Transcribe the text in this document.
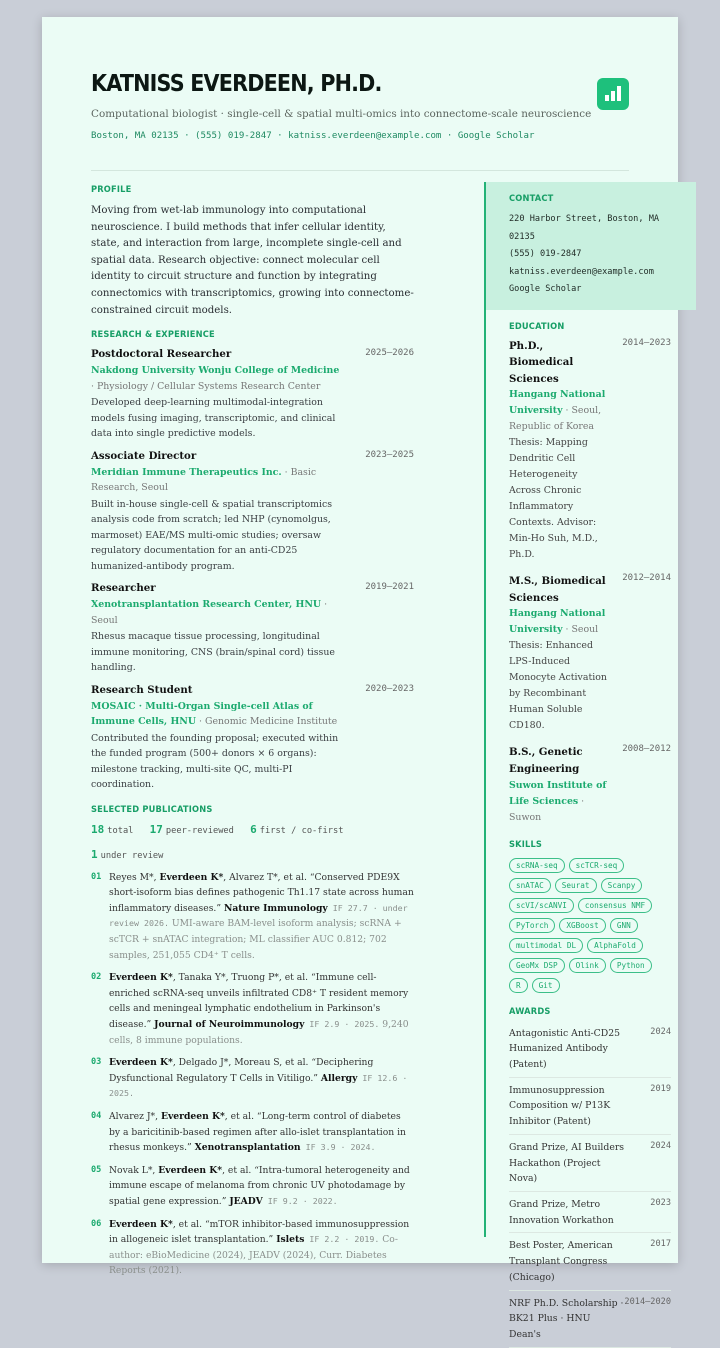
KATNISS EVERDEEN, PH.D.
Computational biologist · single-cell & spatial multi-omics into connectome-scale neuroscience
Boston, MA 02135 · (555) 019-2847 · katniss.everdeen@example.com · Google Scholar
PROFILE
Moving from wet-lab immunology into computational neuroscience. I build methods that infer cellular identity, state, and interaction from large, incomplete single-cell and spatial data. Research objective: connect molecular cell identity to circuit structure and function by integrating connectomics with transcriptomics, growing into connectome-constrained circuit models.
RESEARCH & EXPERIENCE
Postdoctoral Researcher	2025–2026
Nakdong University Wonju College of Medicine · Physiology / Cellular Systems Research Center
Developed deep-learning multimodal-integration models fusing imaging, transcriptomic, and clinical data into single predictive models.
Associate Director	2023–2025
Meridian Immune Therapeutics Inc. · Basic Research, Seoul
Built in-house single-cell & spatial transcriptomics analysis code from scratch; led NHP (cynomolgus, marmoset) EAE/MS multi-omic studies; oversaw regulatory documentation for an anti-CD25 humanized-antibody program.
Researcher	2019–2021
Xenotransplantation Research Center, HNU · Seoul
Rhesus macaque tissue processing, longitudinal immune monitoring, CNS (brain/spinal cord) tissue handling.
Research Student	2020–2023
MOSAIC · Multi-Organ Single-cell Atlas of Immune Cells, HNU · Genomic Medicine Institute
Contributed the founding proposal; executed within the funded program (500+ donors × 6 organs): milestone tracking, multi-site QC, multi-PI coordination.
SELECTED PUBLICATIONS
18 total 17 peer-reviewed 6 first / co-first
1 under review
01 Reyes M*, Everdeen K*, Alvarez T*, et al. “Conserved PDE9X short-isoform bias defines pathogenic Th1.17 state across human inflammatory diseases.” Nature Immunology IF 27.7 · under review 2026. UMI-aware BAM-level isoform analysis; scRNA + scTCR + snATAC integration; ML classifier AUC 0.812; 702 samples, 251,055 CD4⁺ T cells.
02 Everdeen K*, Tanaka Y*, Truong P*, et al. “Immune cell-enriched scRNA-seq unveils infiltrated CD8⁺ T resident memory cells and meningeal lymphatic endothelium in Parkinson's disease.” Journal of Neuroimmunology IF 2.9 · 2025. 9,240 cells, 8 immune populations.
03 Everdeen K*, Delgado J*, Moreau S, et al. “Deciphering Dysfunctional Regulatory T Cells in Vitiligo.” Allergy IF 12.6 · 2025.
04 Alvarez J*, Everdeen K*, et al. “Long-term control of diabetes by a baricitinib-based regimen after allo-islet transplantation in rhesus monkeys.” Xenotransplantation IF 3.9 · 2024.
05 Novak L*, Everdeen K*, et al. “Intra-tumoral heterogeneity and immune escape of melanoma from chronic UV photodamage by spatial gene expression.” JEADV IF 9.2 · 2022.
06 Everdeen K*, et al. “mTOR inhibitor-based immunosuppression in allogeneic islet transplantation.” Islets IF 2.2 · 2019. Co-author: eBioMedicine (2024), JEADV (2024), Curr. Diabetes Reports (2021).
CONTACT
220 Harbor Street, Boston, MA 02135
(555) 019-2847
katniss.everdeen@example.com
Google Scholar
EDUCATION
Ph.D., Biomedical Sciences
2014–2023
Hangang National University · Seoul, Republic of Korea
Thesis: Mapping Dendritic Cell Heterogeneity Across Chronic Inflammatory Contexts. Advisor: Min-Ho Suh, M.D., Ph.D.
M.S., Biomedical Sciences
2012–2014
Hangang National University · Seoul
Thesis: Enhanced LPS-Induced Monocyte Activation by Recombinant Human Soluble CD180.
B.S., Genetic Engineering
2008–2012
Suwon Institute of Life Sciences · Suwon
SKILLS
scRNA-seq	scTCR-seq
snATAC	Seurat	Scanpy
scVI/scANVI	consensus NMF
PyTorch	XGBoost	GNN
multimodal DL	AlphaFold
GeoMx DSP	Olink	Python
R	Git
AWARDS
Antagonistic Anti-CD25 Humanized Antibody (Patent)
2024
Immunosuppression Composition w/ P13K Inhibitor (Patent)
2019
Grand Prize, AI Builders Hackathon (Project Nova)
2024
Grand Prize, Metro Innovation Workathon
2023
Best Poster, American Transplant Congress (Chicago)
2017
NRF Ph.D. Scholarship · BK21 Plus · HNU Dean's
2014–2020
